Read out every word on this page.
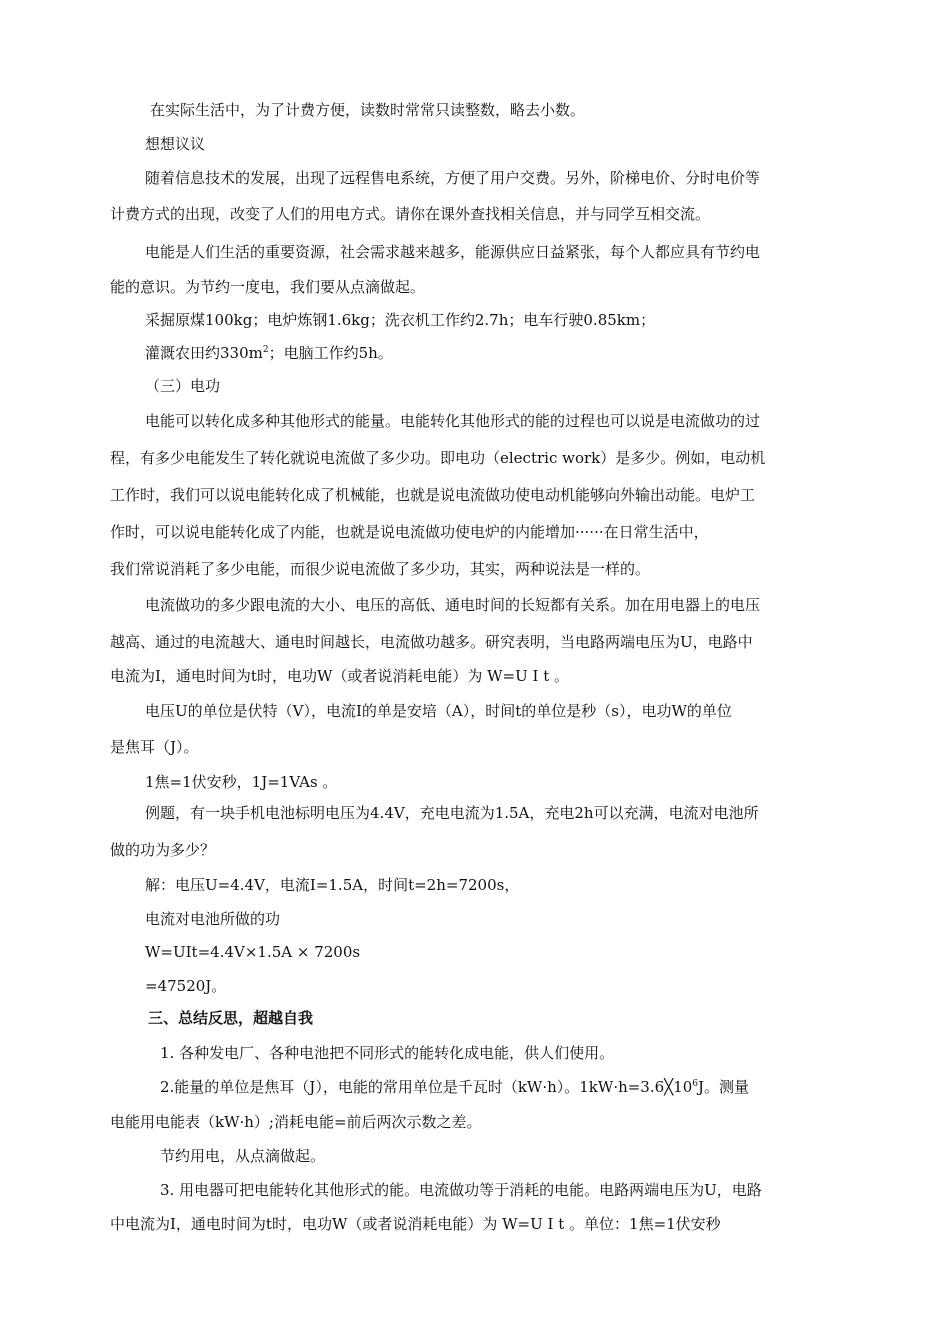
在实际生活中，为了计费方便，读数时常常只读整数，略去小数。
想想议议
随着信息技术的发展，出现了远程售电系统，方便了用户交费。另外，阶梯电价、分时电价等
计费方式的出现，改变了人们的用电方式。请你在课外查找相关信息，并与同学互相交流。
电能是人们生活的重要资源，社会需求越来越多，能源供应日益紧张，每个人都应具有节约电
能的意识。为节约一度电，我们要从点滴做起。
采掘原煤100kg；电炉炼钢1.6kg；洗衣机工作约2.7h；电车行驶0.85km；
灌溉农田约$330m^2$；电脑工作约5h。
（三）电功
电能可以转化成多种其他形式的能量。电能转化其他形式的能的过程也可以说是电流做功的过
程，有多少电能发生了转化就说电流做了多少功。即电功（electric work）是多少。例如，电动机
工作时，我们可以说电能转化成了机械能，也就是说电流做功使电动机能够向外输出动能。电炉工
作时，可以说电能转化成了内能，也就是说电流做功使电炉的内能增加······在日常生活中，
我们常说消耗了多少电能，而很少说电流做了多少功，其实，两种说法是一样的。
电流做功的多少跟电流的大小、电压的高低、通电时间的长短都有关系。加在用电器上的电压
越高、通过的电流越大、通电时间越长，电流做功越多。研究表明，当电路两端电压为U，电路中
电流为I，通电时间为t时，电功W（或者说消耗电能）为 W=U I t 。
电压U的单位是伏特（V），电流I的单是安培（A），时间t的单位是秒（s），电功W的单位
是焦耳（J）。
1焦=1伏安秒，1J=1VAs 。
例题，有一块手机电池标明电压为4.4V，充电电流为1.5A，充电2h可以充满，电流对电池所
做的功为多少？
解：电压U=4.4V，电流I=1.5A，时间t=2h=7200s，
电流对电池所做的功
W=UIt=4.4V×1.5A × 7200s
=47520J。
三、总结反思，超越自我
1. 各种发电厂、各种电池把不同形式的能转化成电能，供人们使用。
2.能量的单位是焦耳（J），电能的常用单位是千瓦时（kW·h）。$1kW\cdot h=3.6╳10^6J$。测量
电能用电能表（kW·h）;消耗电能=前后两次示数之差。
节约用电，从点滴做起。
3. 用电器可把电能转化其他形式的能。电流做功等于消耗的电能。电路两端电压为U，电路
中电流为I，通电时间为t时，电功W（或者说消耗电能）为 W=U I t 。单位：1焦=1伏安秒
